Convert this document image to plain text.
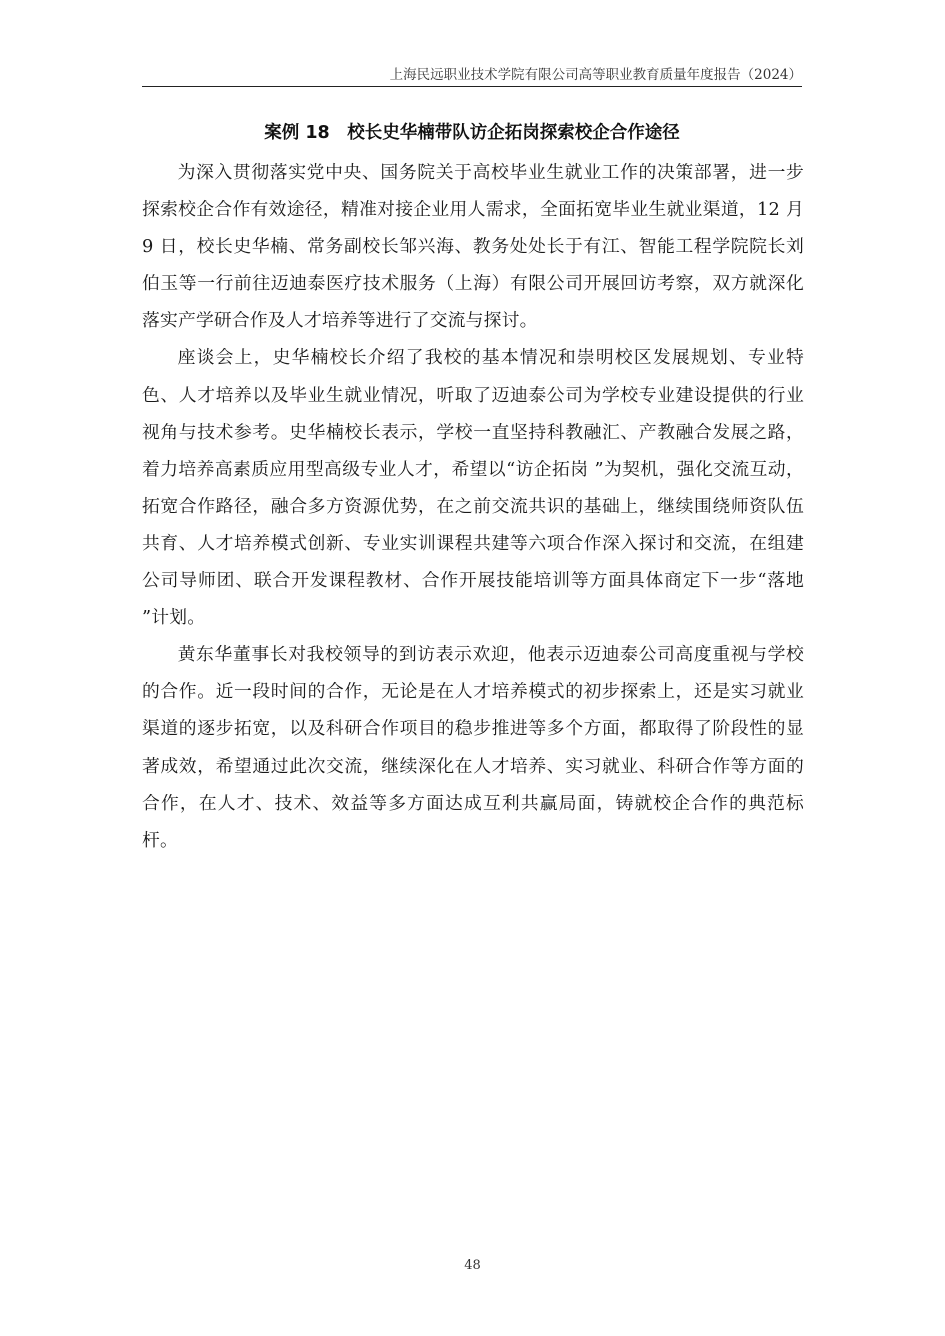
上海民远职业技术学院有限公司高等职业教育质量年度报告（2024）
案例 18　校长史华楠带队访企拓岗探索校企合作途径

为深入贯彻落实党中央、国务院关于高校毕业生就业工作的决策部署，进一步探索校企合作有效途径，精准对接企业用人需求，全面拓宽毕业生就业渠道，12 月 9 日，校长史华楠、常务副校长邹兴海、教务处处长于有江、智能工程学院院长刘伯玉等一行前往迈迪泰医疗技术服务（上海）有限公司开展回访考察，双方就深化落实产学研合作及人才培养等进行了交流与探讨。

座谈会上，史华楠校长介绍了我校的基本情况和崇明校区发展规划、专业特色、人才培养以及毕业生就业情况，听取了迈迪泰公司为学校专业建设提供的行业视角与技术参考。史华楠校长表示，学校一直坚持科教融汇、产教融合发展之路，着力培养高素质应用型高级专业人才，希望以“访企拓岗 ”为契机，强化交流互动，拓宽合作路径，融合多方资源优势，在之前交流共识的基础上，继续围绕师资队伍共育、人才培养模式创新、专业实训课程共建等六项合作深入探讨和交流，在组建公司导师团、联合开发课程教材、合作开展技能培训等方面具体商定下一步“落地 ”计划。

黄东华董事长对我校领导的到访表示欢迎，他表示迈迪泰公司高度重视与学校的合作。近一段时间的合作，无论是在人才培养模式的初步探索上，还是实习就业渠道的逐步拓宽，以及科研合作项目的稳步推进等多个方面，都取得了阶段性的显著成效，希望通过此次交流，继续深化在人才培养、实习就业、科研合作等方面的合作，在人才、技术、效益等多方面达成互利共赢局面，铸就校企合作的典范标杆。

48
